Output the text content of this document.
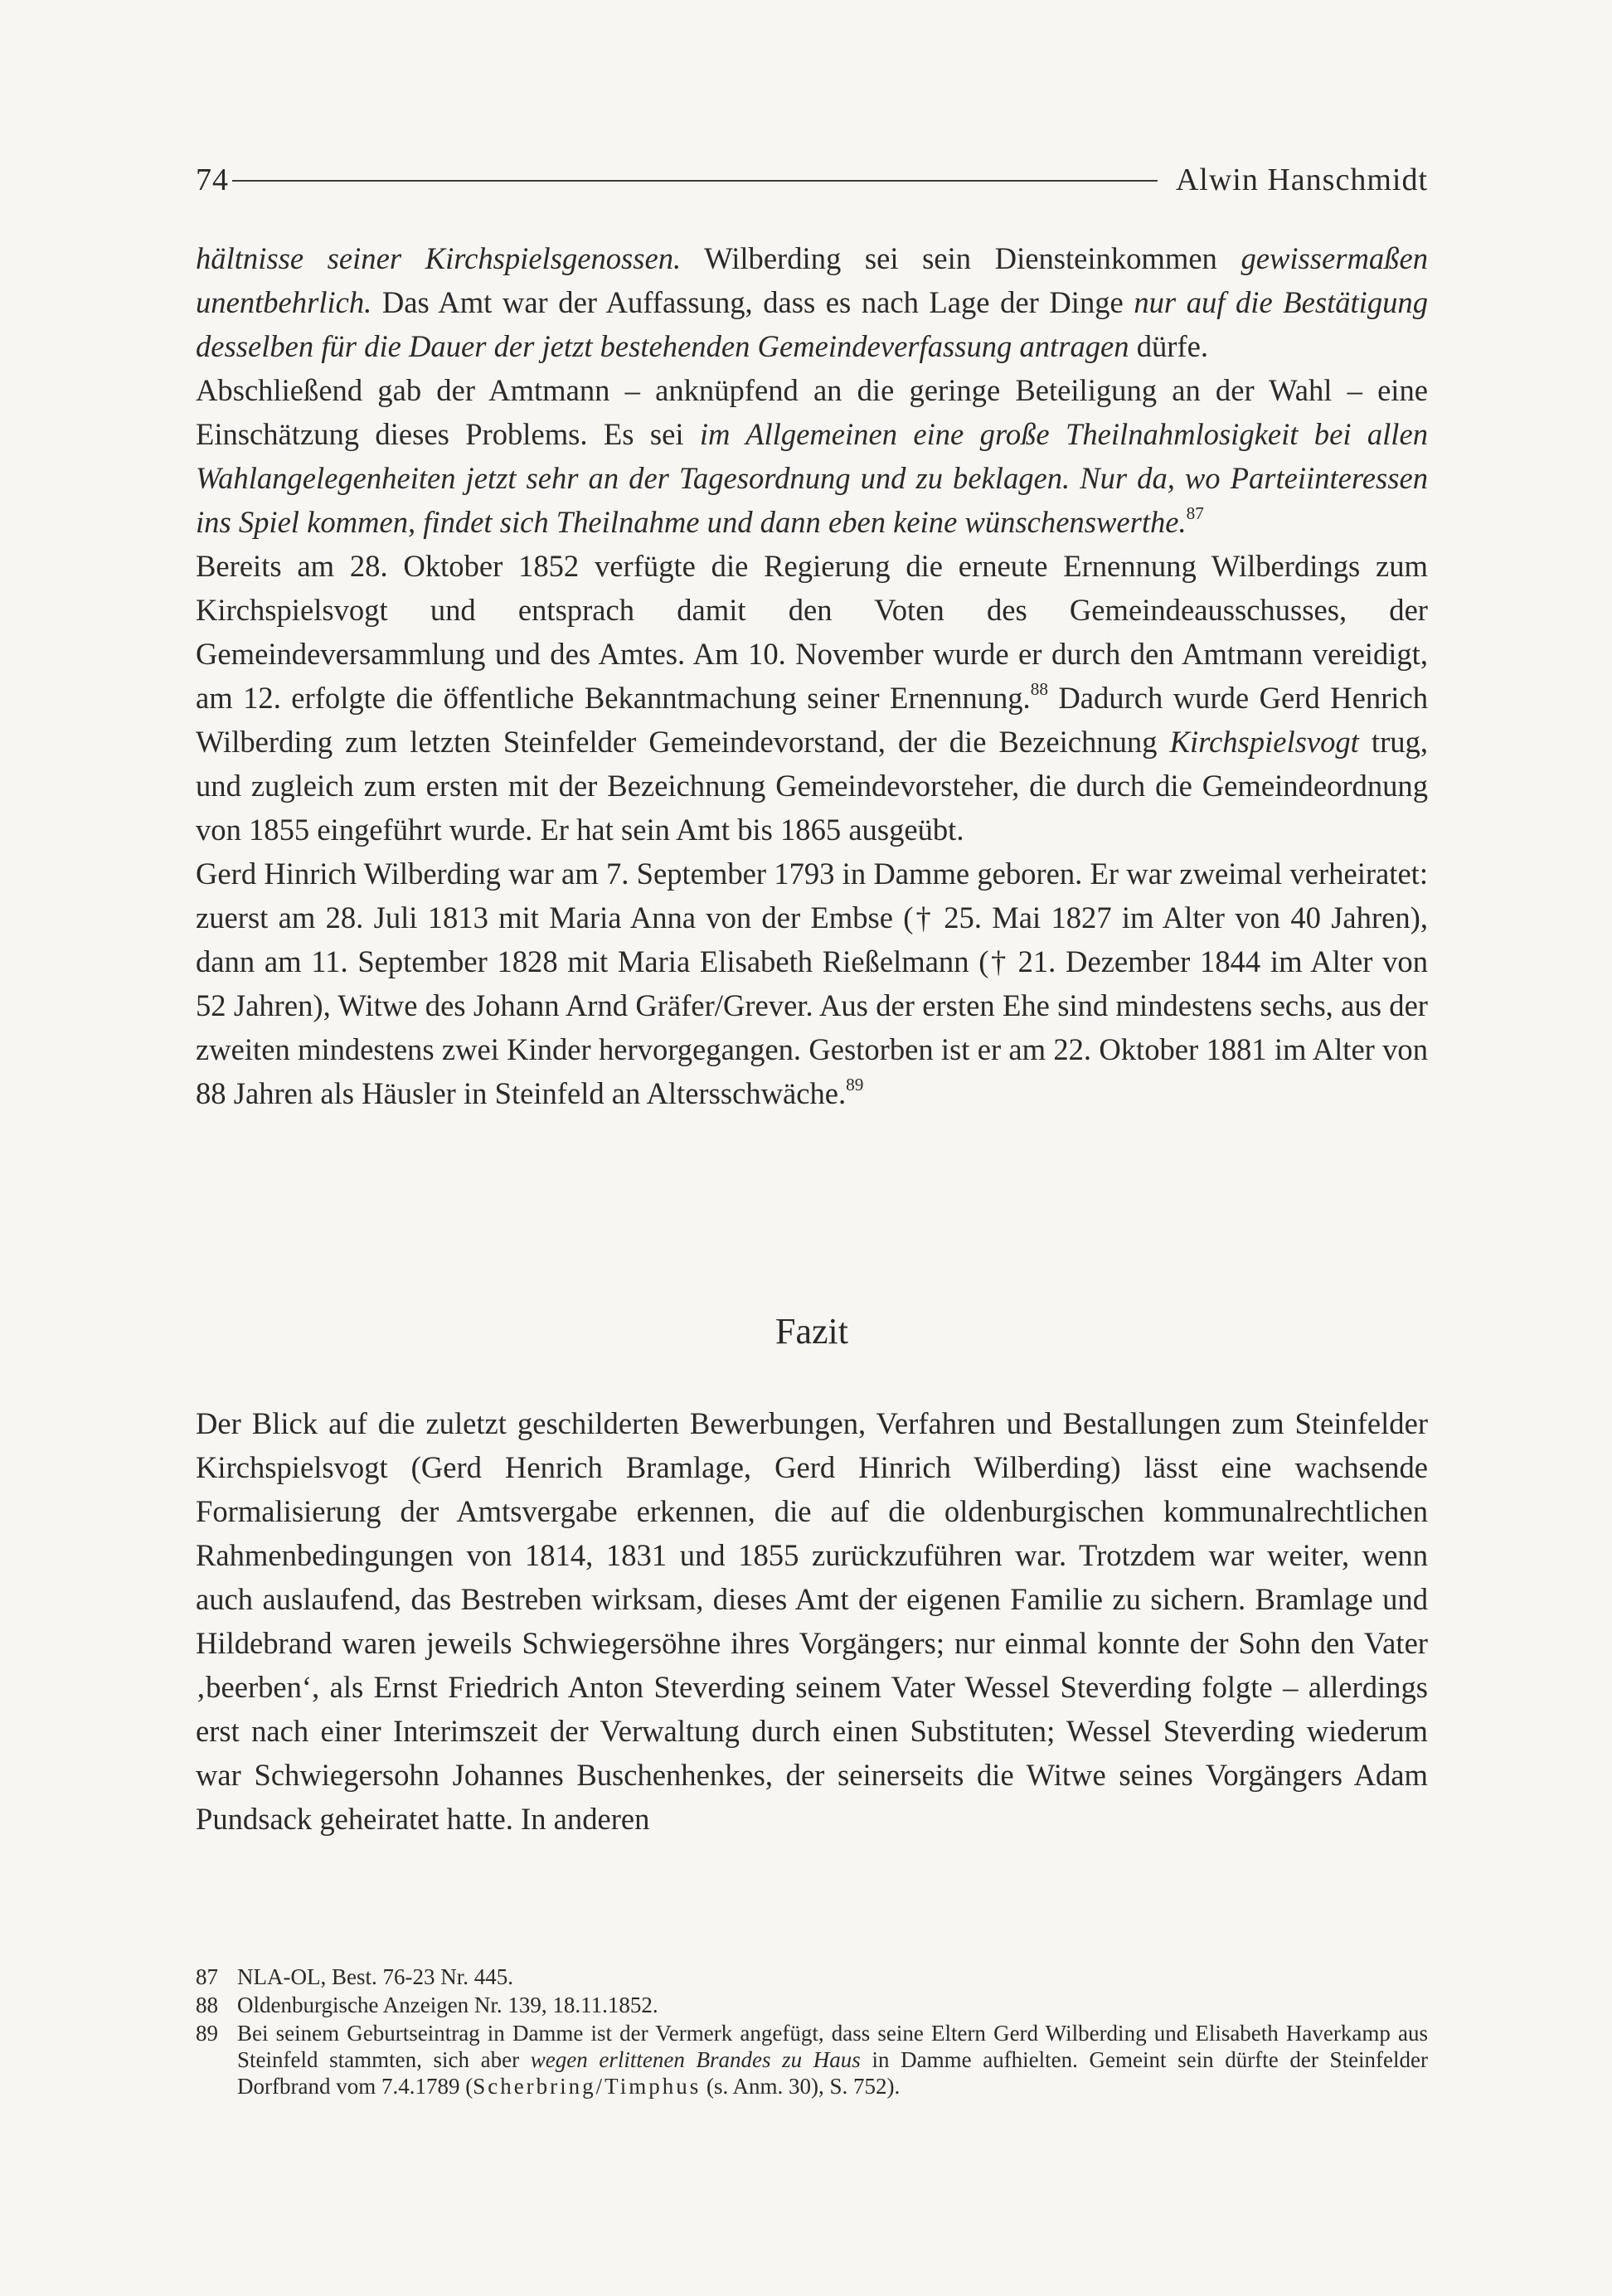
74	Alwin Hanschmidt

hältnisse seiner Kirchspielsgenossen. Wilberding sei sein Diensteinkommen gewissermaßen unentbehrlich. Das Amt war der Auffassung, dass es nach Lage der Dinge nur auf die Bestätigung desselben für die Dauer der jetzt bestehenden Gemeindeverfassung antragen dürfe.

Abschließend gab der Amtmann – anknüpfend an die geringe Beteiligung an der Wahl – eine Einschätzung dieses Problems. Es sei im Allgemeinen eine große Theilnahmlosigkeit bei allen Wahlangelegenheiten jetzt sehr an der Tagesordnung und zu beklagen. Nur da, wo Parteiinteressen ins Spiel kommen, findet sich Theilnahme und dann eben keine wünschenswerthe.$^{87}$

Bereits am 28. Oktober 1852 verfügte die Regierung die erneute Ernennung Wilberdings zum Kirchspielsvogt und entsprach damit den Voten des Gemeindeausschusses, der Gemeindeversammlung und des Amtes. Am 10. November wurde er durch den Amtmann vereidigt, am 12. erfolgte die öffentliche Bekanntmachung seiner Ernennung.$^{88}$ Dadurch wurde Gerd Henrich Wilberding zum letzten Steinfelder Gemeindevorstand, der die Bezeichnung Kirchspielsvogt trug, und zugleich zum ersten mit der Bezeichnung Gemeindevorsteher, die durch die Gemeindeordnung von 1855 eingeführt wurde. Er hat sein Amt bis 1865 ausgeübt.

Gerd Hinrich Wilberding war am 7. September 1793 in Damme geboren. Er war zweimal verheiratet: zuerst am 28. Juli 1813 mit Maria Anna von der Embse († 25. Mai 1827 im Alter von 40 Jahren), dann am 11. September 1828 mit Maria Elisabeth Rießelmann († 21. Dezember 1844 im Alter von 52 Jahren), Witwe des Johann Arnd Gräfer/Grever. Aus der ersten Ehe sind mindestens sechs, aus der zweiten mindestens zwei Kinder hervorgegangen. Gestorben ist er am 22. Oktober 1881 im Alter von 88 Jahren als Häusler in Steinfeld an Altersschwäche.$^{89}$

Fazit

Der Blick auf die zuletzt geschilderten Bewerbungen, Verfahren und Bestallungen zum Steinfelder Kirchspielsvogt (Gerd Henrich Bramlage, Gerd Hinrich Wilberding) lässt eine wachsende Formalisierung der Amtsvergabe erkennen, die auf die oldenburgischen kommunalrechtlichen Rahmenbedingungen von 1814, 1831 und 1855 zurückzuführen war. Trotzdem war weiter, wenn auch auslaufend, das Bestreben wirksam, dieses Amt der eigenen Familie zu sichern. Bramlage und Hildebrand waren jeweils Schwiegersöhne ihres Vorgängers; nur einmal konnte der Sohn den Vater ‚beerben‘, als Ernst Friedrich Anton Steverding seinem Vater Wessel Steverding folgte – allerdings erst nach einer Interimszeit der Verwaltung durch einen Substituten; Wessel Steverding wiederum war Schwiegersohn Johannes Buschenhenkes, der seinerseits die Witwe seines Vorgängers Adam Pundsack geheiratet hatte. In anderen

87 NLA-OL, Best. 76-23 Nr. 445.
88 Oldenburgische Anzeigen Nr. 139, 18.11.1852.
89 Bei seinem Geburtseintrag in Damme ist der Vermerk angefügt, dass seine Eltern Gerd Wilberding und Elisabeth Haverkamp aus Steinfeld stammten, sich aber wegen erlittenen Brandes zu Haus in Damme aufhielten. Gemeint sein dürfte der Steinfelder Dorfbrand vom 7.4.1789 (Scherbring/Timphus (s. Anm. 30), S. 752).
